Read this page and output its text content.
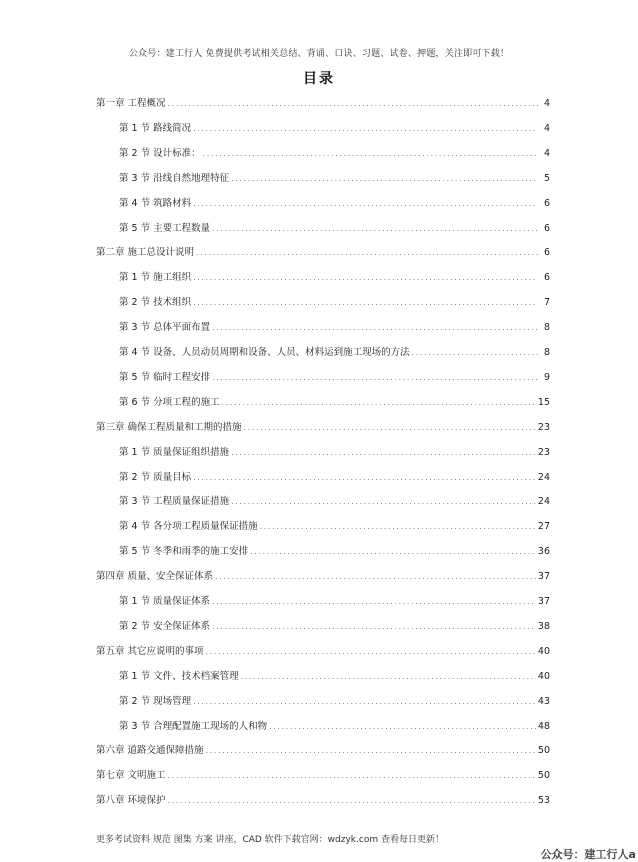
公众号：建工行人 免费提供考试相关总结、背诵、口诀、习题、试卷、押题，关注即可下载！
目录
第一章 工程概况 .....	4
第 1 节 路线简况 .....	4
第 2 节 设计标准： .....	4
第 3 节 沿线自然地理特征 .....	5
第 4 节 筑路材料 .....	6
第 5 节 主要工程数量 .....	6
第二章 施工总设计说明 .....	6
第 1 节 施工组织 .....	6
第 2 节 技术组织 .....	7
第 3 节 总体平面布置 .....	8
第 4 节 设备、人员动员周期和设备、人员、材料运到施工现场的方法 .....	8
第 5 节 临时工程安排 .....	9
第 6 节 分项工程的施工 .....	15
第三章 确保工程质量和工期的措施 .....	23
第 1 节 质量保证组织措施 .....	23
第 2 节 质量目标 .....	24
第 3 节 工程质量保证措施 .....	24
第 4 节 各分项工程质量保证措施 .....	27
第 5 节 冬季和雨季的施工安排 .....	36
第四章 质量、安全保证体系 .....	37
第 1 节 质量保证体系 .....	37
第 2 节 安全保证体系 .....	38
第五章 其它应说明的事项 .....	40
第 1 节 文件、技术档案管理 .....	40
第 2 节 现场管理 .....	43
第 3 节 合理配置施工现场的人和物 .....	48
第六章 道路交通保障措施 .....	50
第七章 文明施工 .....	50
第八章 环境保护 .....	53
更多考试资料 规范 图集 方案 讲座，CAD 软件下载官网：wdzyk.com 查看每日更新！
公众号：建工行人a
